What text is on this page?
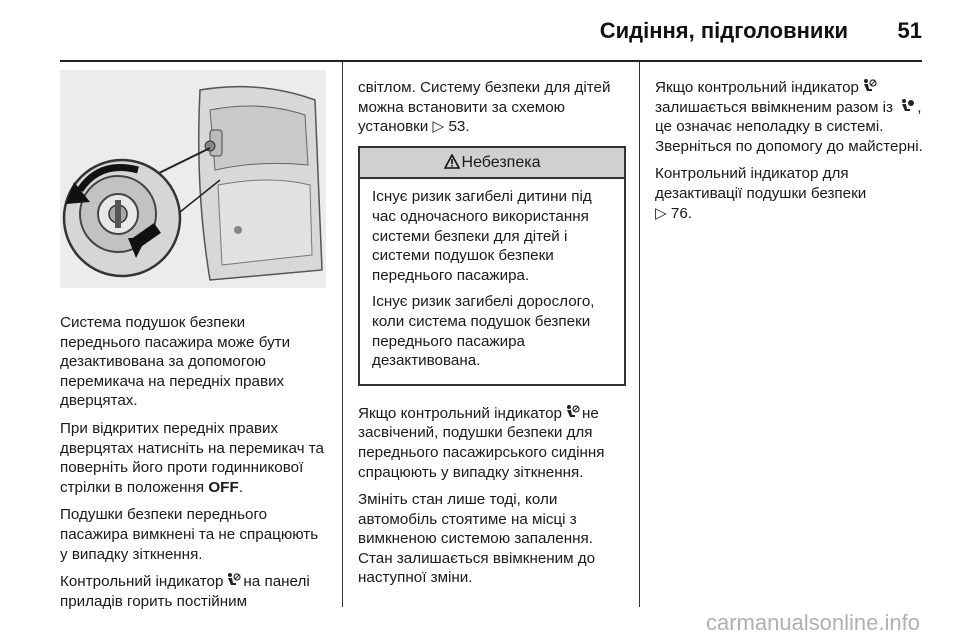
Сидіння, підголовники 51

Система подушок безпеки переднього пасажира може бути дезактивована за допомогою перемикача на передніх правих дверцятах.

При відкритих передніх правих дверцятах натисніть на перемикач та поверніть його проти годинникової стрілки в положення OFF.

Подушки безпеки переднього пасажира вимкнені та не спрацюють у випадку зіткнення.

Контрольний індикатор на панелі приладів горить постійним

світлом. Систему безпеки для дітей можна встановити за схемою установки ▷ 53.

Небезпека

Існує ризик загибелі дитини під час одночасного використання системи безпеки для дітей і системи подушок безпеки переднього пасажира.

Існує ризик загибелі дорослого, коли система подушок безпеки переднього пасажира дезактивована.

Якщо контрольний індикатор не засвічений, подушки безпеки для переднього пасажирського сидіння спрацюють у випадку зіткнення.

Змініть стан лише тоді, коли автомобіль стоятиме на місці з вимкненою системою запалення. Стан залишається ввімкненим до наступної зміни.

Якщо контрольний індикатор залишається ввімкненим разом із , це означає неполадку в системі. Зверніться по допомогу до майстерні.

Контрольний індикатор для дезактивації подушки безпеки
▷ 76.

carmanualsonline.info
